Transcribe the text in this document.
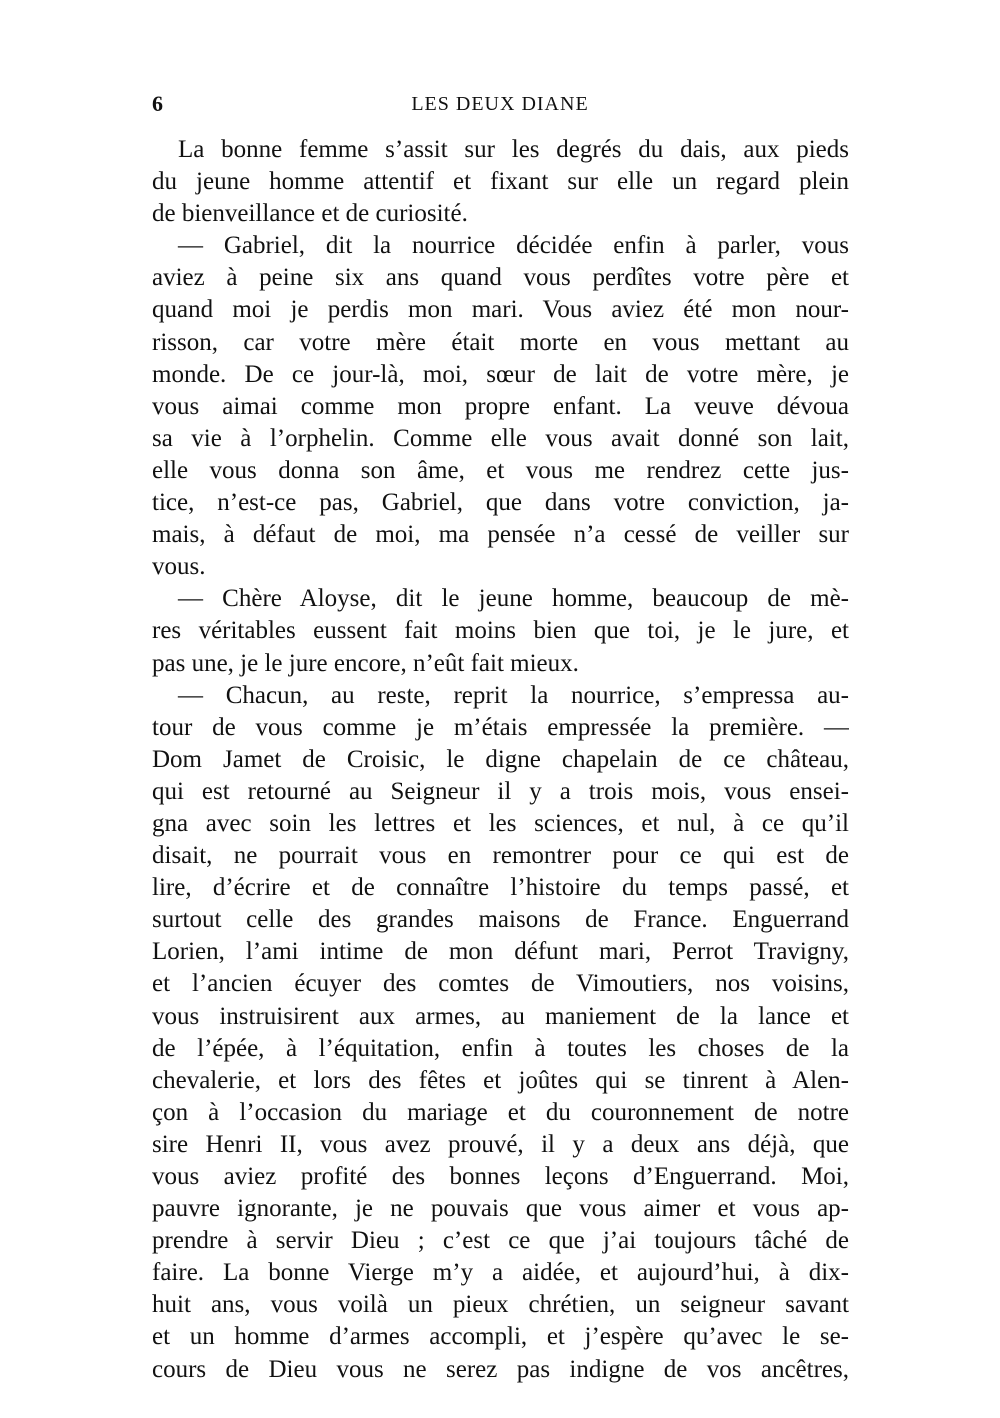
6	LES DEUX DIANE
La bonne femme s’assit sur les degrés du dais, aux pieds
du jeune homme attentif et fixant sur elle un regard plein
de bienveillance et de curiosité.
— Gabriel, dit la nourrice décidée enfin à parler, vous
aviez à peine six ans quand vous perdîtes votre père et
quand moi je perdis mon mari. Vous aviez été mon nour-
risson, car votre mère était morte en vous mettant au
monde. De ce jour-là, moi, sœur de lait de votre mère, je
vous aimai comme mon propre enfant. La veuve dévoua
sa vie à l’orphelin. Comme elle vous avait donné son lait,
elle vous donna son âme, et vous me rendrez cette jus-
tice, n’est-ce pas, Gabriel, que dans votre conviction, ja-
mais, à défaut de moi, ma pensée n’a cessé de veiller sur
vous.
— Chère Aloyse, dit le jeune homme, beaucoup de mè-
res véritables eussent fait moins bien que toi, je le jure, et
pas une, je le jure encore, n’eût fait mieux.
— Chacun, au reste, reprit la nourrice, s’empressa au-
tour de vous comme je m’étais empressée la première. —
Dom Jamet de Croisic, le digne chapelain de ce château,
qui est retourné au Seigneur il y a trois mois, vous ensei-
gna avec soin les lettres et les sciences, et nul, à ce qu’il
disait, ne pourrait vous en remontrer pour ce qui est de
lire, d’écrire et de connaître l’histoire du temps passé, et
surtout celle des grandes maisons de France. Enguerrand
Lorien, l’ami intime de mon défunt mari, Perrot Travigny,
et l’ancien écuyer des comtes de Vimoutiers, nos voisins,
vous instruisirent aux armes, au maniement de la lance et
de l’épée, à l’équitation, enfin à toutes les choses de la
chevalerie, et lors des fêtes et joûtes qui se tinrent à Alen-
çon à l’occasion du mariage et du couronnement de notre
sire Henri II, vous avez prouvé, il y a deux ans déjà, que
vous aviez profité des bonnes leçons d’Enguerrand. Moi,
pauvre ignorante, je ne pouvais que vous aimer et vous ap-
prendre à servir Dieu ; c’est ce que j’ai toujours tâché de
faire. La bonne Vierge m’y a aidée, et aujourd’hui, à dix-
huit ans, vous voilà un pieux chrétien, un seigneur savant
et un homme d’armes accompli, et j’espère qu’avec le se-
cours de Dieu vous ne serez pas indigne de vos ancêtres,
